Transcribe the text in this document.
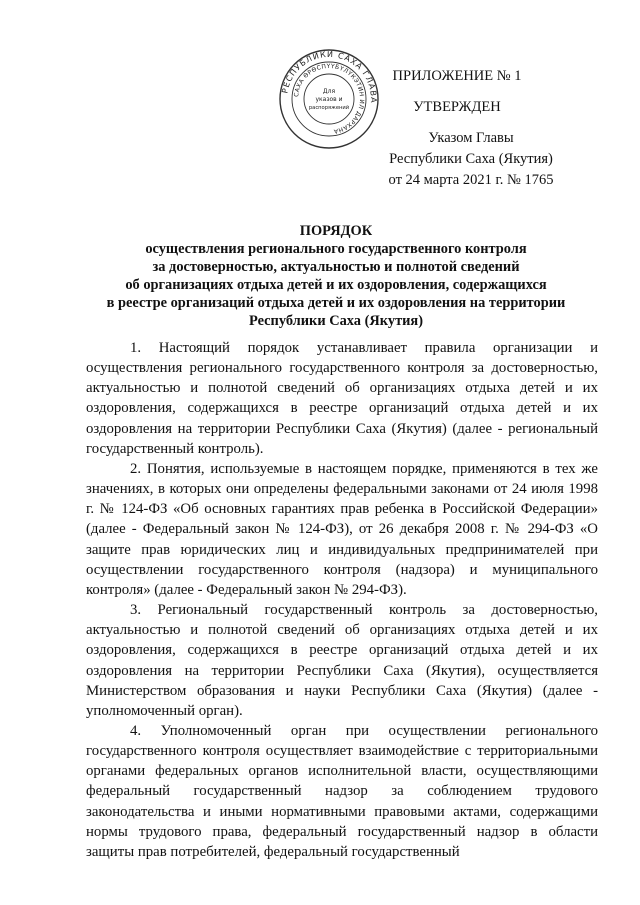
РЕСПУБЛИКИ САХА ГЛАВА
САХА ӨРӨСПҮҮБҮЛҮКЭТИН ИЛ ДАРХАНА
Для
указов и
распоряжений
ПРИЛОЖЕНИЕ № 1
УТВЕРЖДЕН
Указом Главы
Республики Саха (Якутия)
от 24 марта 2021 г. № 1765
ПОРЯДОК
осуществления регионального государственного контроля
за достоверностью, актуальностью и полнотой сведений
об организациях отдыха детей и их оздоровления, содержащихся
в реестре организаций отдыха детей и их оздоровления на территории
Республики Саха (Якутия)

1. Настоящий порядок устанавливает правила организации и осуществления регионального государственного контроля за достоверностью, актуальностью и полнотой сведений об организациях отдыха детей и их оздоровления, содержащихся в реестре организаций отдыха детей и их оздоровления на территории Республики Саха (Якутия) (далее - региональный государственный контроль).

2. Понятия, используемые в настоящем порядке, применяются в тех же значениях, в которых они определены федеральными законами от 24 июля 1998 г. № 124-ФЗ «Об основных гарантиях прав ребенка в Российской Федерации» (далее - Федеральный закон № 124-ФЗ), от 26 декабря 2008 г. № 294-ФЗ «О защите прав юридических лиц и индивидуальных предпринимателей при осуществлении государственного контроля (надзора) и муниципального контроля» (далее - Федеральный закон № 294-ФЗ).

3. Региональный государственный контроль за достоверностью, актуальностью и полнотой сведений об организациях отдыха детей и их оздоровления, содержащихся в реестре организаций отдыха детей и их оздоровления на территории Республики Саха (Якутия), осуществляется Министерством образования и науки Республики Саха (Якутия) (далее - уполномоченный орган).

4. Уполномоченный орган при осуществлении регионального государственного контроля осуществляет взаимодействие с территориальными органами федеральных органов исполнительной власти, осуществляющими федеральный государственный надзор за соблюдением трудового законодательства и иными нормативными правовыми актами, содержащими нормы трудового права, федеральный государственный надзор в области защиты прав потребителей, федеральный государственный
